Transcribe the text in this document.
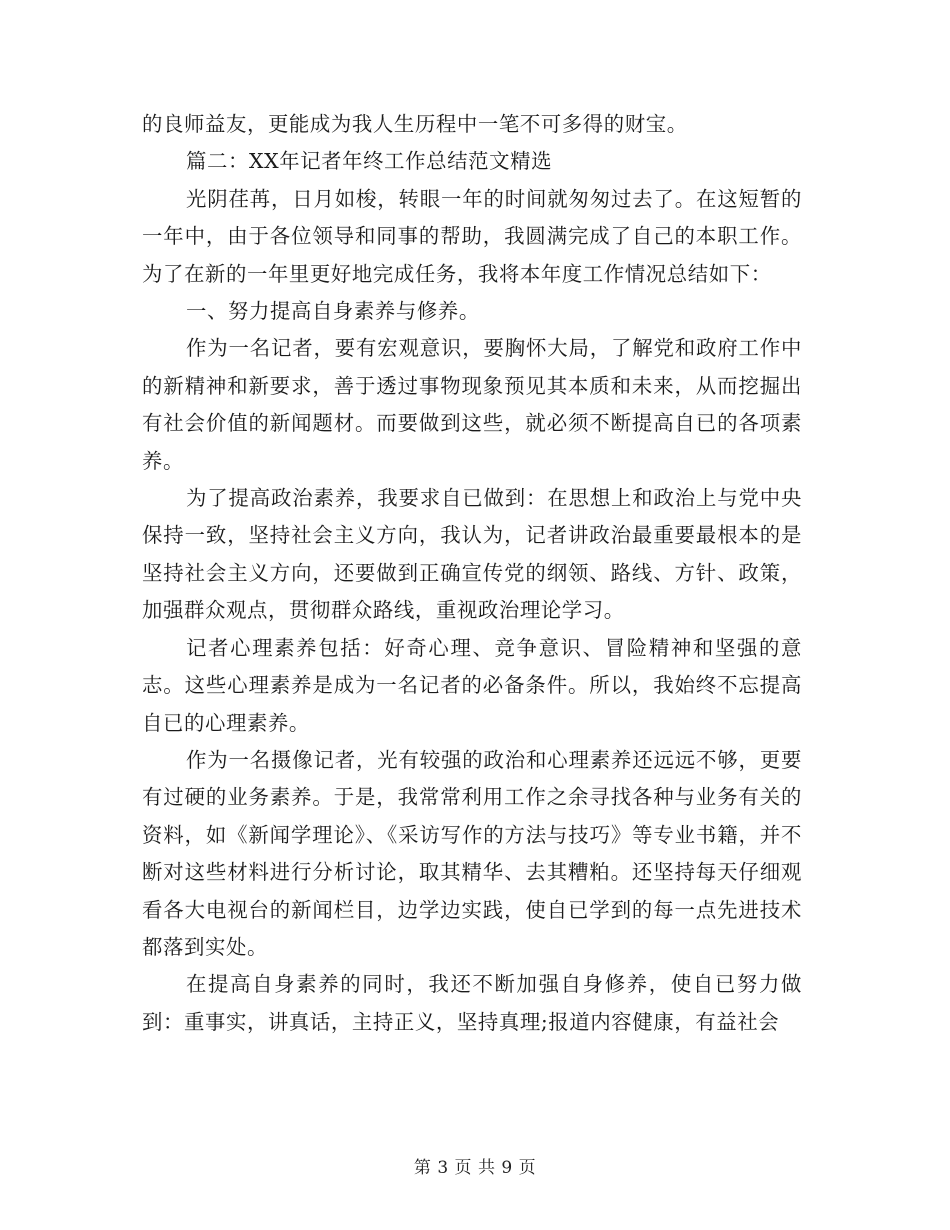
的良师益友，更能成为我人生历程中一笔不可多得的财宝。

篇二：XX年记者年终工作总结范文精选

光阴荏苒，日月如梭，转眼一年的时间就匆匆过去了。在这短暂的一年中，由于各位领导和同事的帮助，我圆满完成了自己的本职工作。为了在新的一年里更好地完成任务，我将本年度工作情况总结如下：

一、努力提高自身素养与修养。

作为一名记者，要有宏观意识，要胸怀大局，了解党和政府工作中的新精神和新要求，善于透过事物现象预见其本质和未来，从而挖掘出有社会价值的新闻题材。而要做到这些，就必须不断提高自已的各项素养。

为了提高政治素养，我要求自已做到：在思想上和政治上与党中央保持一致，坚持社会主义方向，我认为，记者讲政治最重要最根本的是坚持社会主义方向，还要做到正确宣传党的纲领、路线、方针、政策，加强群众观点，贯彻群众路线，重视政治理论学习。

记者心理素养包括：好奇心理、竞争意识、冒险精神和坚强的意志。这些心理素养是成为一名记者的必备条件。所以，我始终不忘提高自已的心理素养。

作为一名摄像记者，光有较强的政治和心理素养还远远不够，更要有过硬的业务素养。于是，我常常利用工作之余寻找各种与业务有关的资料，如《新闻学理论》、《采访写作的方法与技巧》等专业书籍，并不断对这些材料进行分析讨论，取其精华、去其糟粕。还坚持每天仔细观看各大电视台的新闻栏目，边学边实践，使自已学到的每一点先进技术都落到实处。

在提高自身素养的同时，我还不断加强自身修养，使自已努力做到：重事实，讲真话，主持正义，坚持真理;报道内容健康，有益社会

第 3 页 共 9 页
